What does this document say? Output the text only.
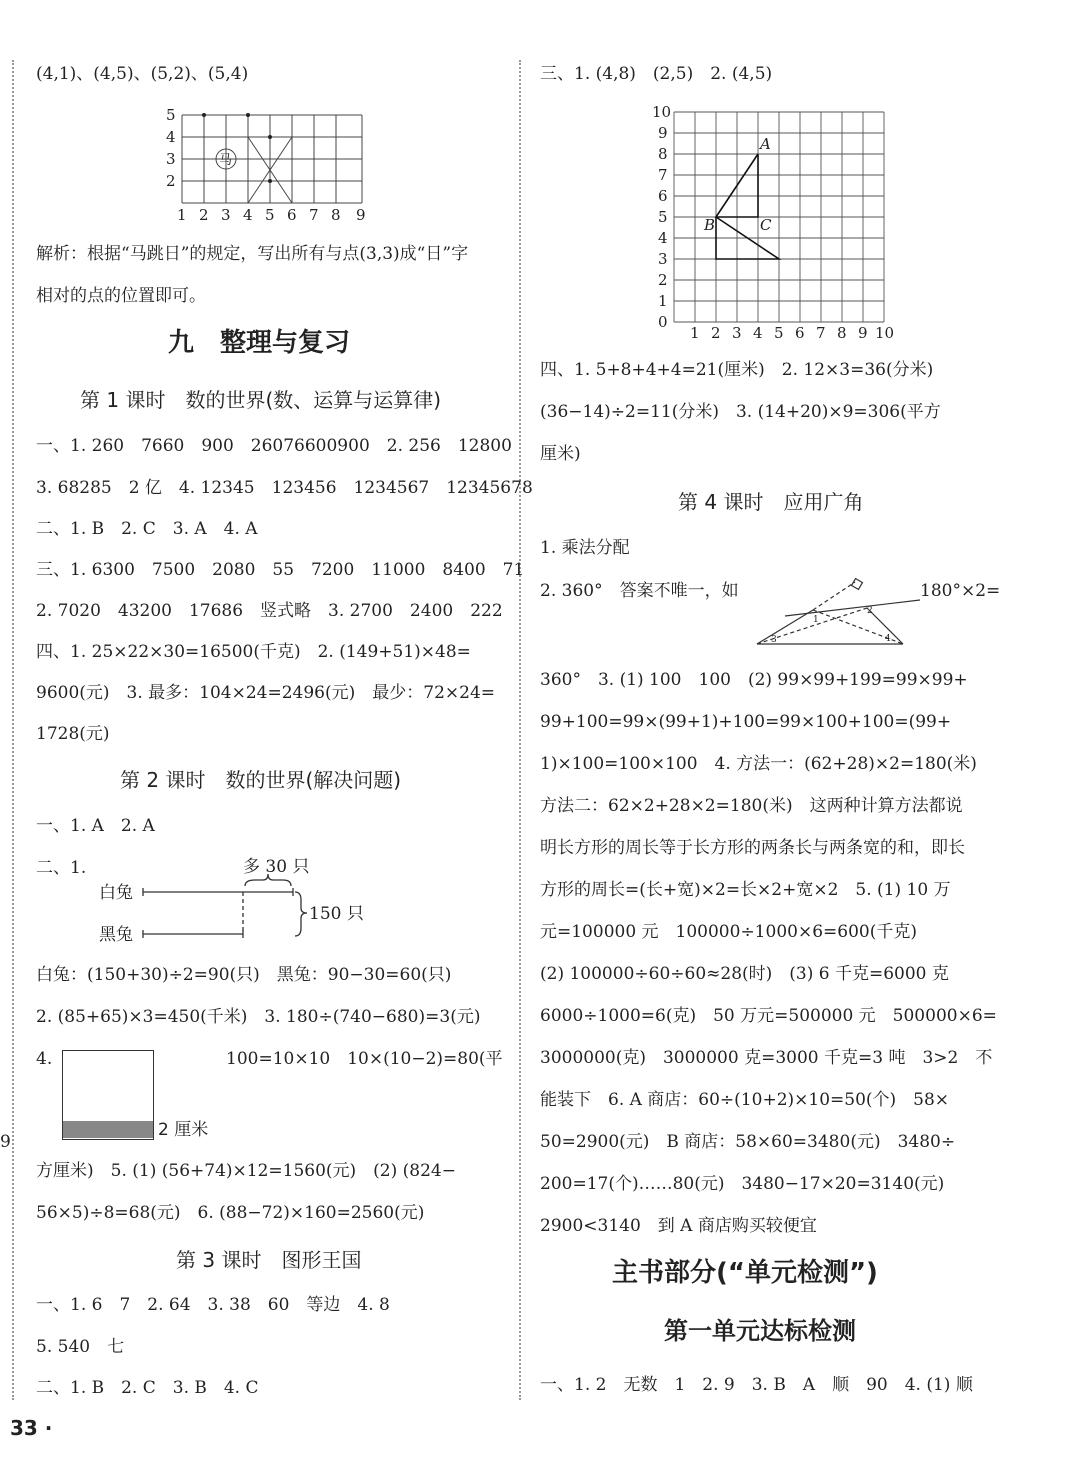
(4,1)、(4,5)、(5,2)、(5,4)
5
4
3
2
1 2 3 4 5 6 7 8 9
马
解析：根据“马跳日”的规定，写出所有与点(3,3)成“日”字
相对的点的位置即可。
九　整理与复习
第 1 课时　数的世界(数、运算与运算律)
一、1. 260　7660　900　26076600900　2. 256　12800
3. 68285　2 亿　4. 12345　123456　1234567　12345678
二、1. B　2. C　3. A　4. A
三、1. 6300　7500　2080　55　7200　11000　8400　71
2. 7020　43200　17686　竖式略　3. 2700　2400　222
四、1. 25×22×30=16500(千克)　2. (149+51)×48=
9600(元)　3. 最多：104×24=2496(元)　最少：72×24=
1728(元)
第 2 课时　数的世界(解决问题)
一、1. A　2. A
二、1.	多 30 只
白兔
黑兔
150 只
白兔：(150+30)÷2=90(只)　黑兔：90−30=60(只)
2. (85+65)×3=450(千米)　3. 180÷(740−680)=3(元)
4.
2 厘米
100=10×10　10×(10−2)=80(平
方厘米)　5. (1) (56+74)×12=1560(元)　(2) (824−
56×5)÷8=68(元)　6. (88−72)×160=2560(元)
第 3 课时　图形王国
一、1. 6　7　2. 64　3. 38　60　等边　4. 8
5. 540　七
二、1. B　2. C　3. B　4. C
33 ·
9
三、1. (4,8)　(2,5)　2. (4,5)
10
9
8
7
6
5
4
3
2
1
0
1 2 3 4 5 6 7 8 9 10
A
B	C
四、1. 5+8+4+4=21(厘米)　2. 12×3=36(分米)
(36−14)÷2=11(分米)　3. (14+20)×9=306(平方
厘米)
第 4 课时　应用广角
1. 乘法分配
2. 360°　答案不唯一，如
1
2
3	4
180°×2=
360°　3. (1) 100　100　(2) 99×99+199=99×99+
99+100=99×(99+1)+100=99×100+100=(99+
1)×100=100×100　4. 方法一：(62+28)×2=180(米)
方法二：62×2+28×2=180(米)　这两种计算方法都说
明长方形的周长等于长方形的两条长与两条宽的和，即长
方形的周长=(长+宽)×2=长×2+宽×2　5. (1) 10 万
元=100000 元　100000÷1000×6=600(千克)
(2) 100000÷60÷60≈28(时)　(3) 6 千克=6000 克
6000÷1000=6(克)　50 万元=500000 元　500000×6=
3000000(克)　3000000 克=3000 千克=3 吨　3>2　不
能装下　6. A 商店：60÷(10+2)×10=50(个)　58×
50=2900(元)　B 商店：58×60=3480(元)　3480÷
200=17(个)……80(元)　3480−17×20=3140(元)
2900<3140　到 A 商店购买较便宜
主书部分(“单元检测”)
第一单元达标检测
一、1. 2　无数　1　2. 9　3. B　A　顺　90　4. (1) 顺
